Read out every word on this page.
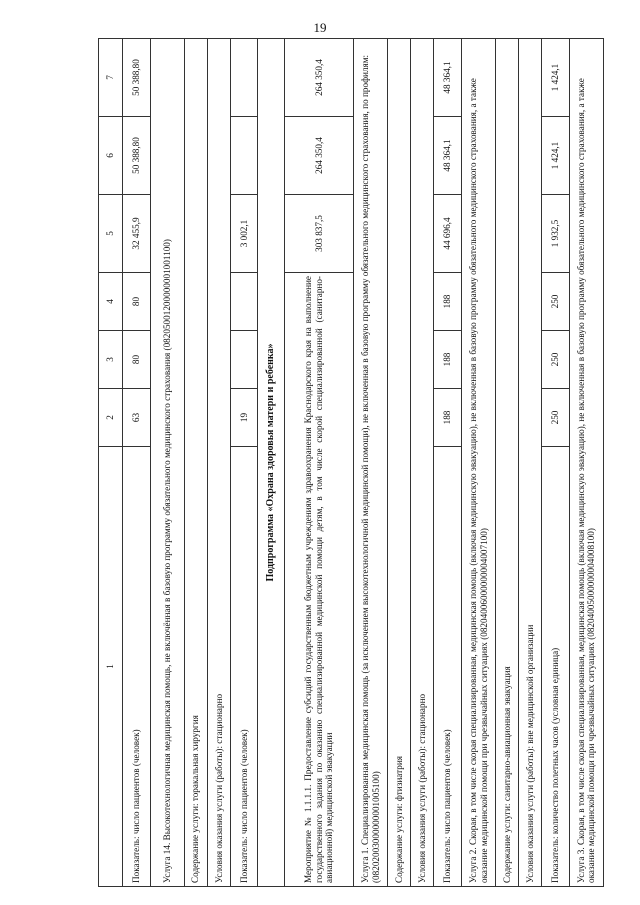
19
1	2	3	4	5	6	7
Показатель: число пациентов (человек)	63	80	80	32 455,9	50 388,80	50 388,80
Услуга 14. Высокотехнологичная медицинская помощь, не включённая в базовую программу обязательного медицинского страхования (08205001200000001001100)						
Содержание услуги: торакальная хирургия						
Условия оказания услуги (работы): стационарно						
Показатель: число пациентов (человек)	19			3 002,1		
Подпрограмма «Охрана здоровья матери и ребенка»						
Мероприятие № 1.1.1.1. Предоставление субсидий государственным бюджетным учреждениям здравоохранения Краснодарского края на выполнение государственного задания по оказанию специализированной медицинской помощи детям, в том числе скорой специализированной (санитарно-авиационной) медицинской эвакуации				303 837,5	264 350,4	264 350,4
Услуга 1. Специализированная медицинская помощь (за исключением высокотехнологичной медицинской помощи), не включенная в базовую программу обязательного медицинского страхования, по профилям: (08202003000000001005100)						
Содержание услуги: фтизиатрия						
Условия оказания услуги (работы): стационарно						
Показатель: число пациентов (человек)	188	188	188	44 696,4	48 364,1	48 364,1
Услуга 2. Скорая, в том числе скорая специализированная, медицинская помощь (включая медицинскую эвакуацию), не включенная в базовую программу обязательного медицинского страхования, а также оказание медицинской помощи при чрезвычайных ситуациях (08204006000000004007100)						
Содержание услуги: санитарно-авиационная эвакуация						
Условия оказания услуги (работы): вне медицинской организации						
Показатель: количество полетных часов (условная единица)	250	250	250	1 932,5	1 424,1	1 424,1
Услуга 3. Скорая, в том числе скорая специализированная, медицинская помощь (включая медицинскую эвакуацию), не включенная в базовую программу обязательного медицинского страхования, а также оказание медицинской помощи при чрезвычайных ситуациях (08204005000000004008100)						
